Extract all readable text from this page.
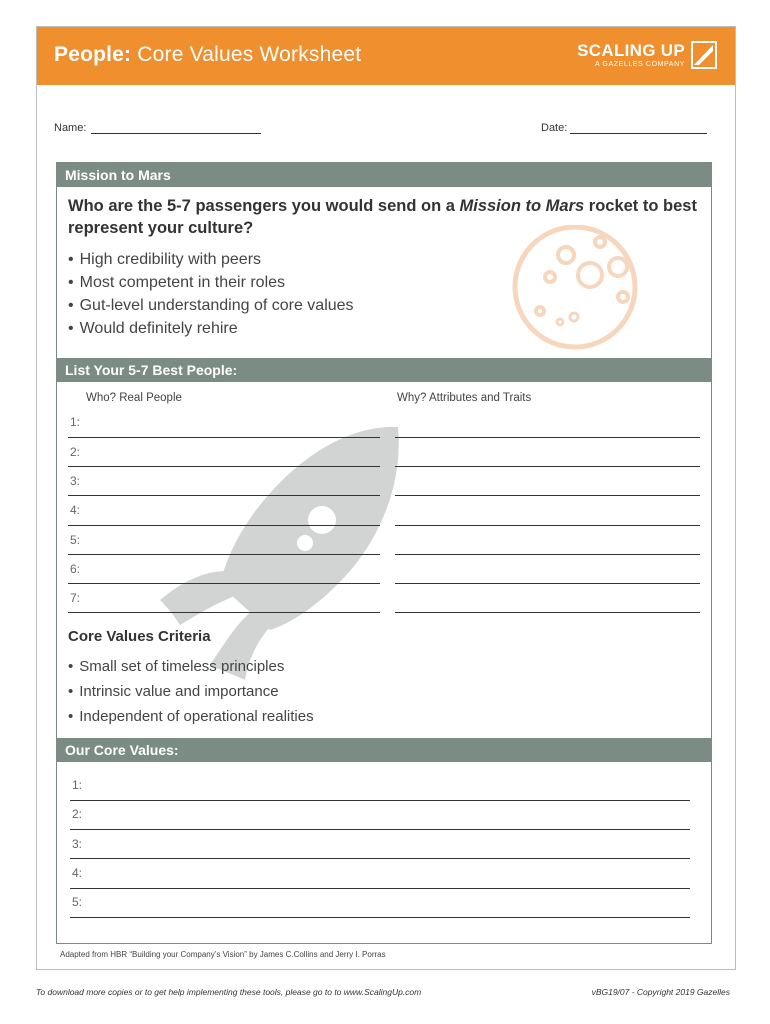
People: Core Values Worksheet	SCALING UP
A GAZELLES COMPANY
Name:	Date:
Mission to Mars
Who are the 5-7 passengers you would send on a Mission to Mars rocket to best represent your culture?
• High credibility with peers
• Most competent in their roles
• Gut-level understanding of core values
• Would definitely rehire
List Your 5-7 Best People:
Who? Real People	Why? Attributes and Traits
1:
2:
3:
4:
5:
6:
7:
Core Values Criteria
• Small set of timeless principles
• Intrinsic value and importance
• Independent of operational realities
Our Core Values:
1:
2:
3:
4:
5:
Adapted from HBR “Building your Company’s Vision” by James C.Collins and Jerry I. Porras
To download more copies or to get help implementing these tools, please go to to www.ScalingUp.com	vBG19/07 - Copyright 2019 Gazelles
